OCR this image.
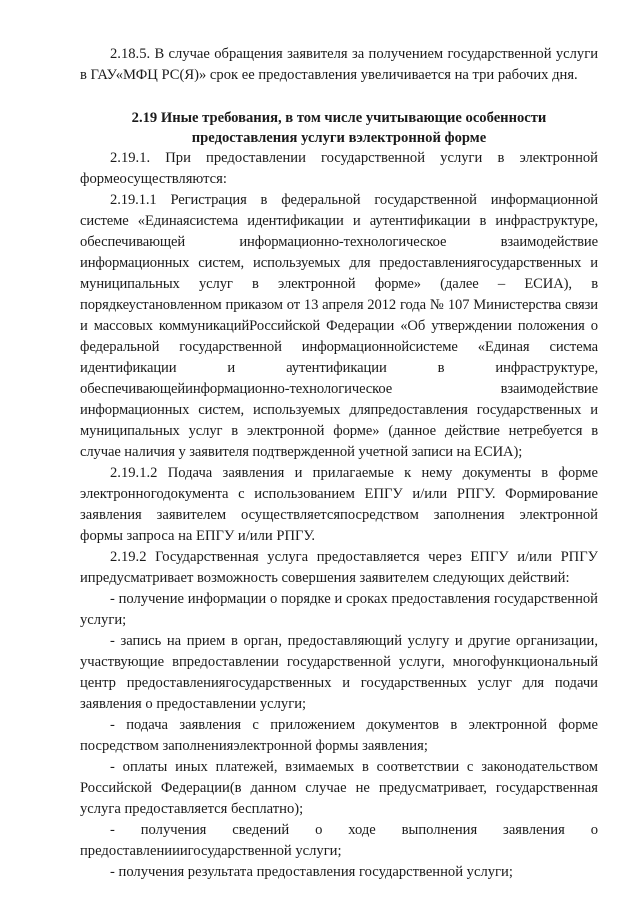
2.18.5. В случае обращения заявителя за получением государственной услуги в ГАУ«МФЦ РС(Я)» срок ее предоставления увеличивается на три рабочих дня.

2.19 Иные требования, в том числе учитывающие особенности
предоставления услуги вэлектронной форме

2.19.1. При предоставлении государственной услуги в электронной формеосуществляются:

2.19.1.1 Регистрация в федеральной государственной информационной системе «Единаясистема идентификации и аутентификации в инфраструктуре, обеспечивающей информационно-технологическое взаимодействие информационных систем, используемых для предоставлениягосударственных и муниципальных услуг в электронной форме» (далее – ЕСИА), в порядкеустановленном приказом от 13 апреля 2012 года № 107 Министерства связи и массовых коммуникацийРоссийской Федерации «Об утверждении положения о федеральной государственной информационнойсистеме «Единая система идентификации и аутентификации в инфраструктуре, обеспечивающейинформационно-технологическое взаимодействие информационных систем, используемых дляпредоставления государственных и муниципальных услуг в электронной форме» (данное действие нетребуется в случае наличия у заявителя подтвержденной учетной записи на ЕСИА);

2.19.1.2 Подача заявления и прилагаемые к нему документы в форме электронногодокумента с использованием ЕПГУ и/или РПГУ. Формирование заявления заявителем осуществляетсяпосредством заполнения электронной формы запроса на ЕПГУ и/или РПГУ.

2.19.2 Государственная услуга предоставляется через ЕПГУ и/или РПГУ ипредусматривает возможность совершения заявителем следующих действий:

- получение информации о порядке и сроках предоставления государственной услуги;

- запись на прием в орган, предоставляющий услугу и другие организации, участвующие впредоставлении государственной услуги, многофункциональный центр предоставлениягосударственных и государственных услуг для подачи заявления о предоставлении услуги;

- подача заявления с приложением документов в электронной форме посредством заполненияэлектронной формы заявления;

- оплаты иных платежей, взимаемых в соответствии с законодательством Российской Федерации(в данном случае не предусматривает, государственная услуга предоставляется бесплатно);

- получения сведений о ходе выполнения заявления о предоставленииигосударственной услуги;

- получения результата предоставления государственной услуги;
